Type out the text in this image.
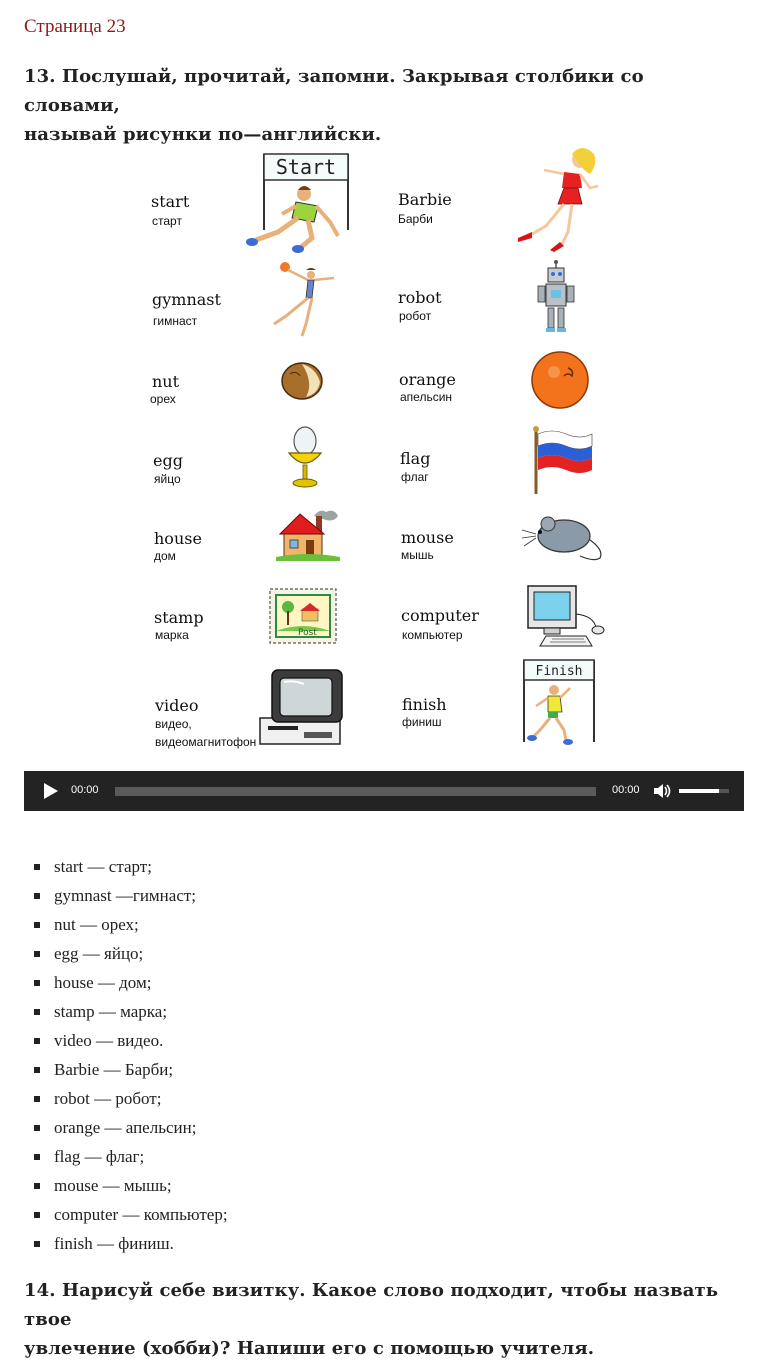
Страница 23
13. Послушай, прочитай, запомни. Закрывая столбики со словами,
называй рисунки по—английски.
start
старт
gymnast
гимнаст
nut
орех
egg
яйцо
house
дом
stamp
марка
video
видео,
видеомагнитофон
Barbie
Барби
robot
робот
orange
апельсин
flag
флаг
mouse
мышь
computer
компьютер
finish
финиш
Start
Post
Finish
00:00	00:00
start — старт;
gymnast —гимнаст;
nut — орех;
egg — яйцо;
house — дом;
stamp — марка;
video — видео.
Barbie — Барби;
robot — робот;
orange — апельсин;
flag — флаг;
mouse — мышь;
computer — компьютер;
finish — финиш.
14. Нарисуй себе визитку. Какое слово подходит, чтобы назвать твое
увлечение (хобби)? Напиши его с помощью учителя.
